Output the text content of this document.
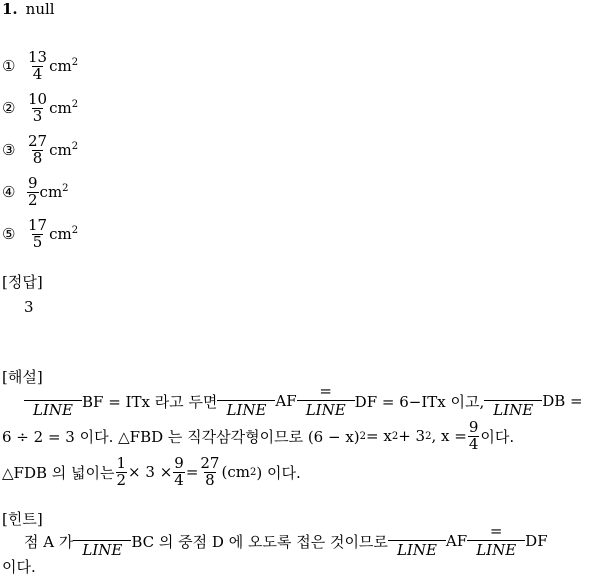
1. null
① $\frac{13}{4} cm^2$
② $\frac{10}{3} cm^2$
③ $\frac{27}{8} cm^2$
④ $\frac{9}{2} cm^2$
⑤ $\frac{17}{5} cm^2$
[정답]
3
[해설]
LINE BF = ITx 라고 두면 LINE AF
=
LINE DF = 6−ITx 이고, LINE DB =
6 ÷ 2 = 3 이다. △FBD 는 직각삼각형이므로 (6 − x) 2 = x 2 + 3 2 , $x = \frac{9}{4}$ 이다.
△FDB 의 넓이는 $\frac{1}{2} \times 3 \times \frac{9}{4} = \frac{27}{8} (cm$ 2 ) 이다.
[힌트]
점 A 가 LINE BC 의 중점 D 에 오도록 접은 것이므로 LINE AF
=
LINE DF
이다.
